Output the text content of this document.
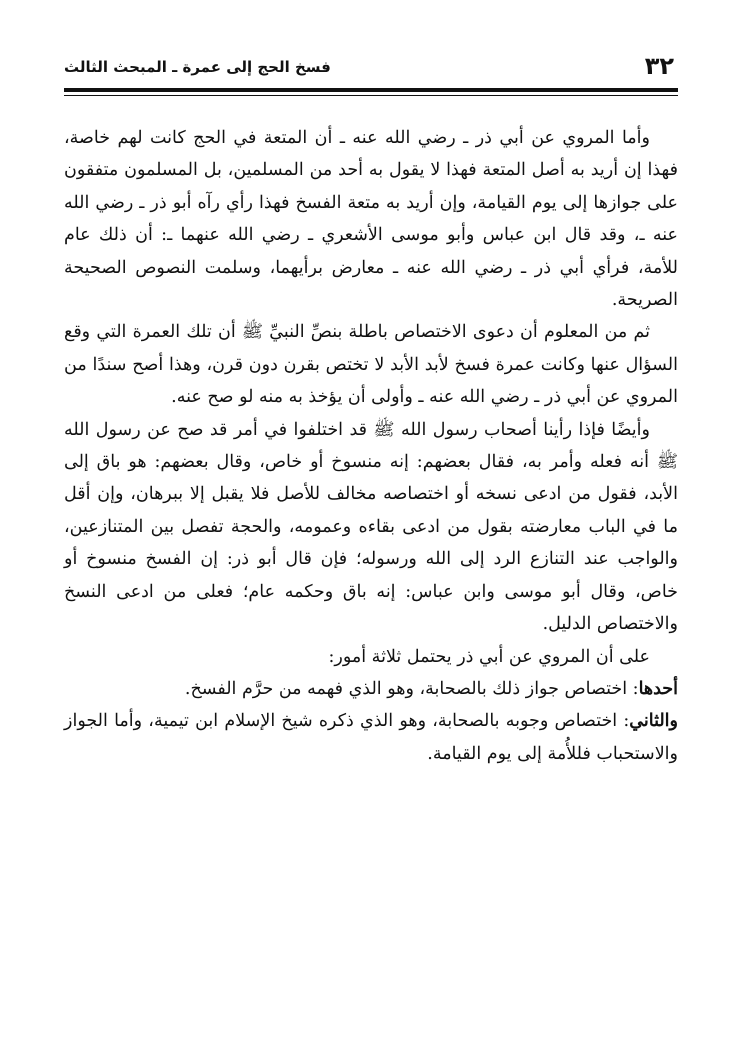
فسخ الحج إلى عمرة ـ المبحث الثالث	٣٢

وأما المروي عن أبي ذر ـ رضي الله عنه ـ أن المتعة في الحج كانت لهم خاصة، فهذا إن أريد به أصل المتعة فهذا لا يقول به أحد من المسلمين، بل المسلمون متفقون على جوازها إلى يوم القيامة، وإن أريد به متعة الفسخ فهذا رأي رآه أبو ذر ـ رضي الله عنه ـ، وقد قال ابن عباس وأبو موسى الأشعري ـ رضي الله عنهما ـ: أن ذلك عام للأمة، فرأي أبي ذر ـ رضي الله عنه ـ معارض برأيهما، وسلمت النصوص الصحيحة الصريحة.

ثم من المعلوم أن دعوى الاختصاص باطلة بنصِّ النبيِّ ﷺ أن تلك العمرة التي وقع السؤال عنها وكانت عمرة فسخ لأبد الأبد لا تختص بقرن دون قرن، وهذا أصح سندًا من المروي عن أبي ذر ـ رضي الله عنه ـ وأولى أن يؤخذ به منه لو صح عنه.

وأيضًا فإذا رأينا أصحاب رسول الله ﷺ قد اختلفوا في أمر قد صح عن رسول الله ﷺ أنه فعله وأمر به، فقال بعضهم: إنه منسوخ أو خاص، وقال بعضهم: هو باق إلى الأبد، فقول من ادعى نسخه أو اختصاصه مخالف للأصل فلا يقبل إلا ببرهان، وإن أقل ما في الباب معارضته بقول من ادعى بقاءه وعمومه، والحجة تفصل بين المتنازعين، والواجب عند التنازع الرد إلى الله ورسوله؛ فإن قال أبو ذر: إن الفسخ منسوخ أو خاص، وقال أبو موسى وابن عباس: إنه باق وحكمه عام؛ فعلى من ادعى النسخ والاختصاص الدليل.

على أن المروي عن أبي ذر يحتمل ثلاثة أمور:

أحدها: اختصاص جواز ذلك بالصحابة، وهو الذي فهمه من حرَّم الفسخ.

والثاني: اختصاص وجوبه بالصحابة، وهو الذي ذكره شيخ الإسلام ابن تيمية، وأما الجواز والاستحباب فللأُمة إلى يوم القيامة.
